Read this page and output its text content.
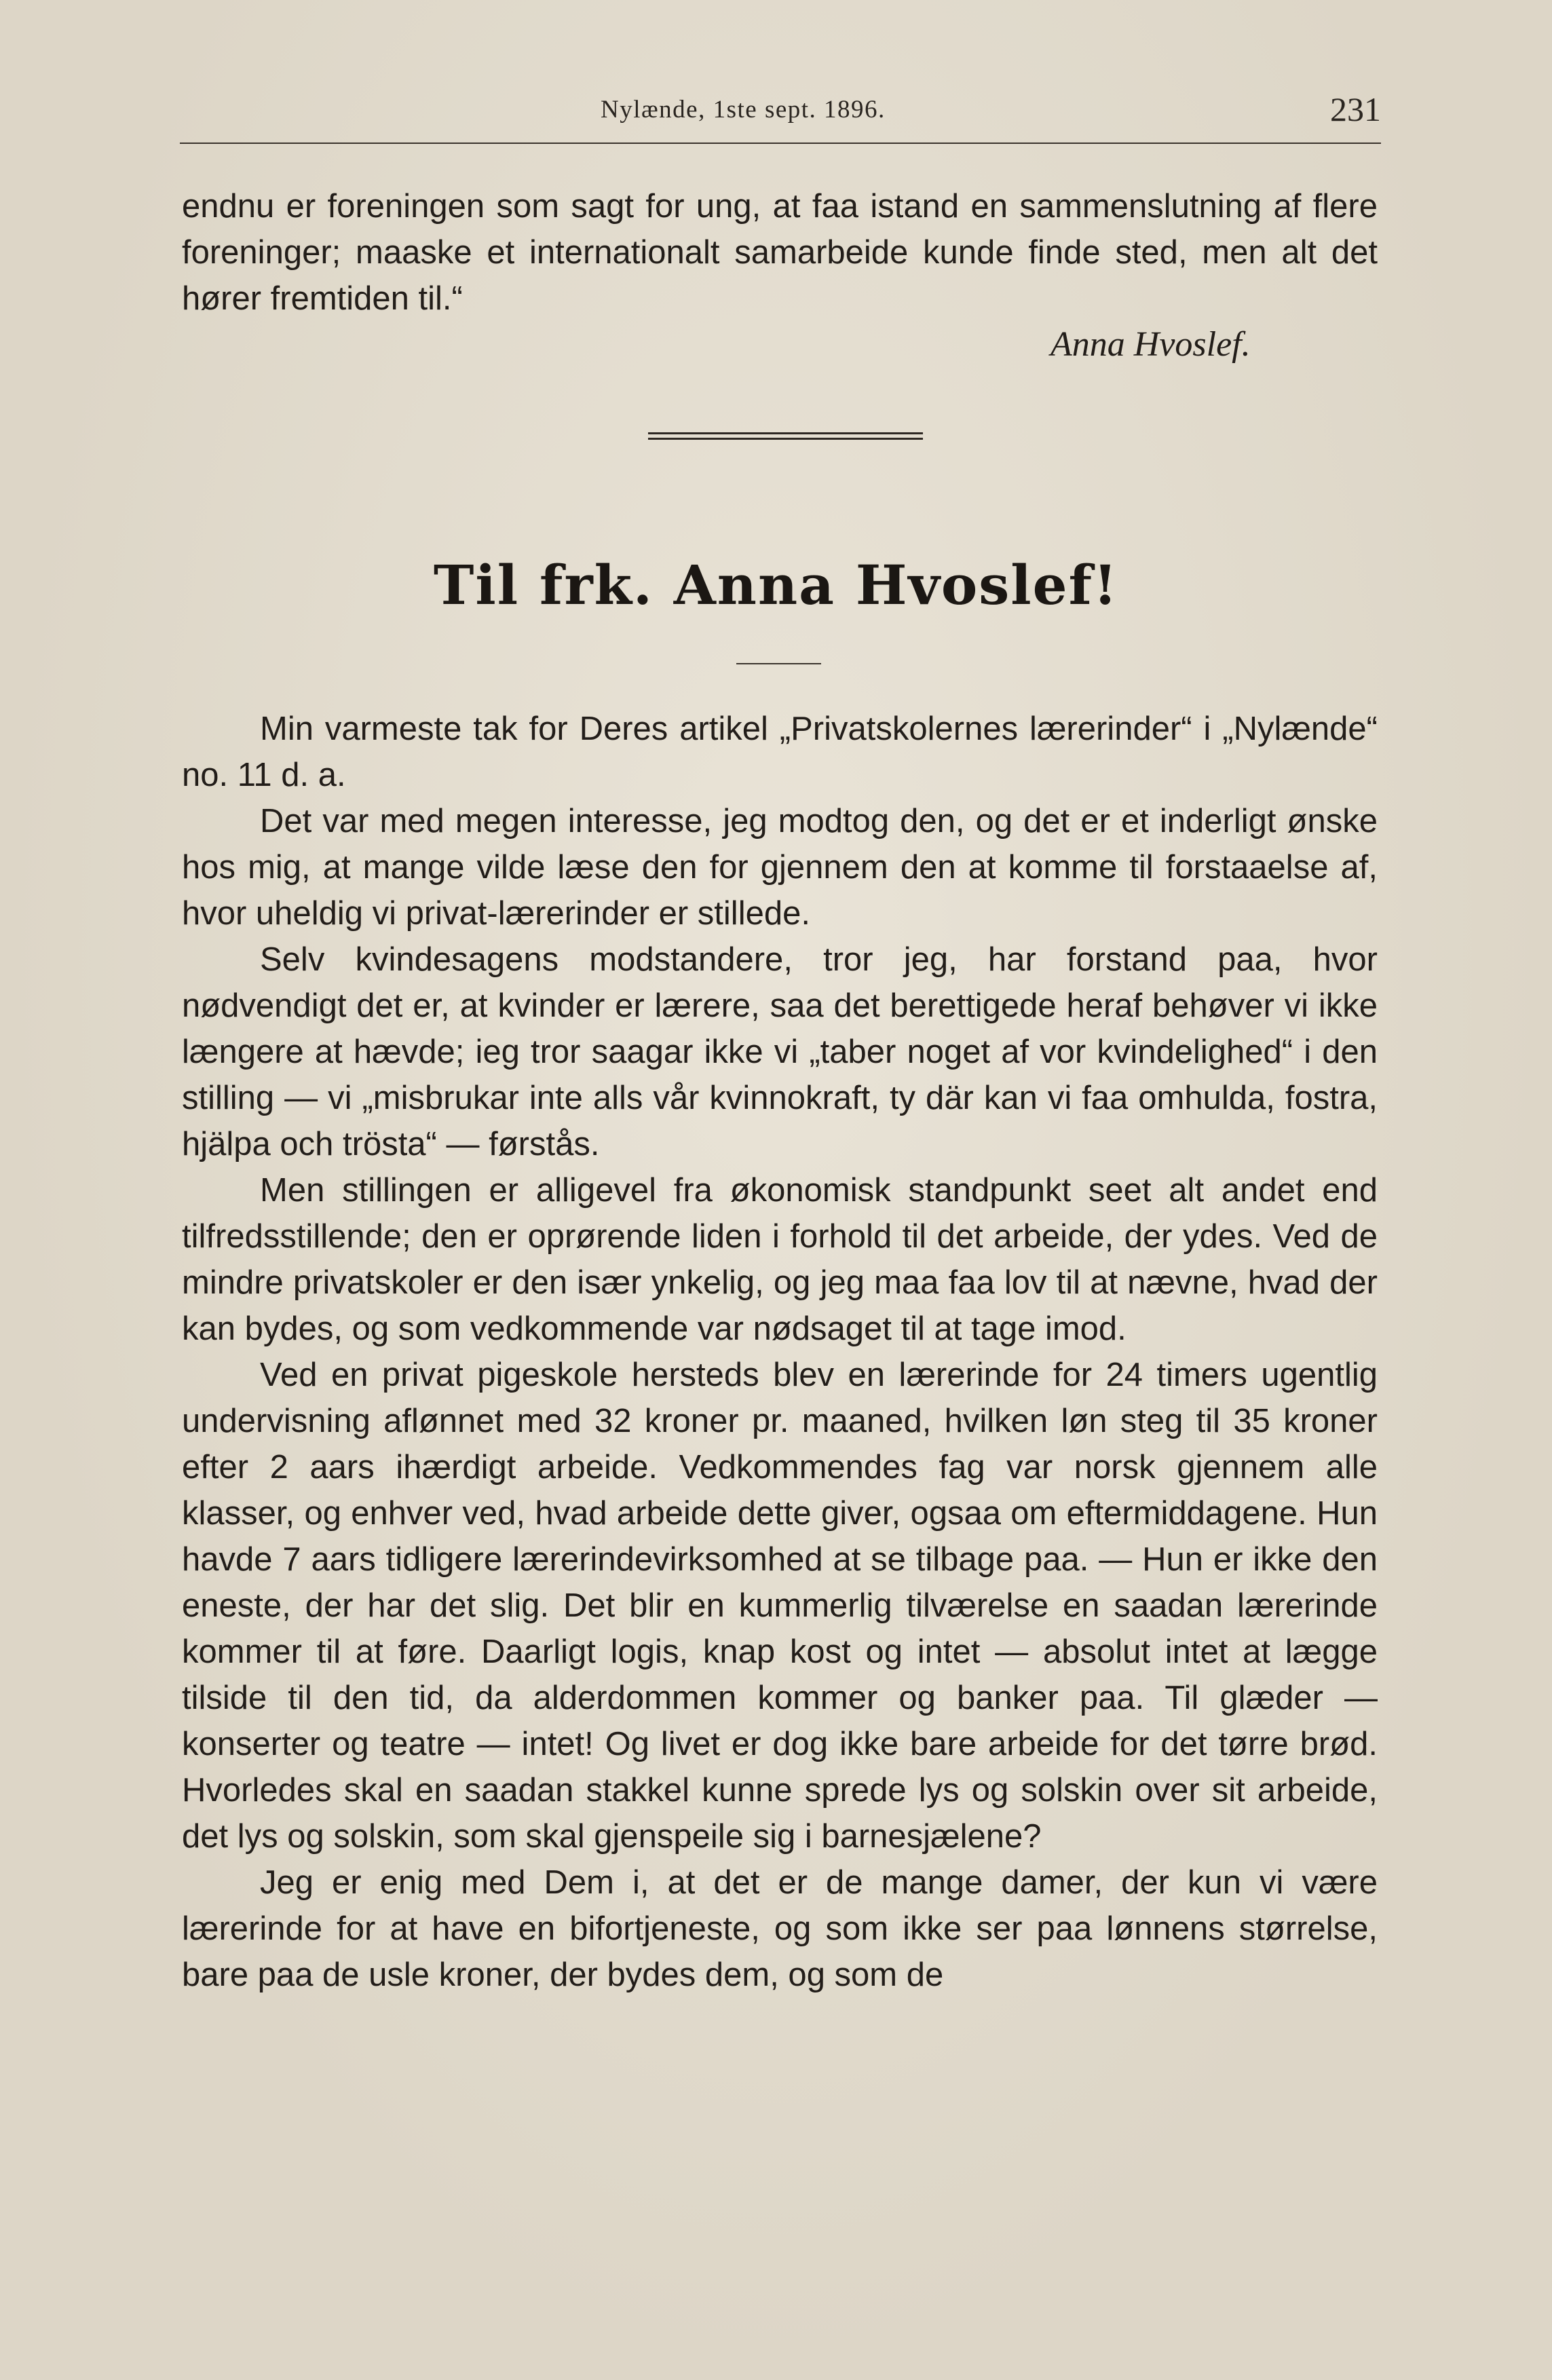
Nylænde, 1ste sept. 1896.	231

endnu er foreningen som sagt for ung, at faa istand en sammenslutning af flere foreninger; maaske et internationalt samarbeide kunde finde sted, men alt det hører fremtiden til.“

Anna Hvoslef.
Til frk. Anna Hvoslef!

Min varmeste tak for Deres artikel „Privatskolernes lærerinder“ i „Nylænde“ no. 11 d. a.

Det var med megen interesse, jeg modtog den, og det er et inderligt ønske hos mig, at mange vilde læse den for gjennem den at komme til forstaaelse af, hvor uheldig vi privat-lærerinder er stillede.

Selv kvindesagens modstandere, tror jeg, har forstand paa, hvor nødvendigt det er, at kvinder er lærere, saa det berettigede heraf behøver vi ikke længere at hævde; ieg tror saagar ikke vi „taber noget af vor kvindelighed“ i den stilling — vi „misbrukar inte alls vår kvinnokraft, ty där kan vi faa omhulda, fostra, hjälpa och trösta“ — førstås.

Men stillingen er alligevel fra økonomisk standpunkt seet alt andet end tilfredsstillende; den er oprørende liden i forhold til det arbeide, der ydes. Ved de mindre privatskoler er den især ynkelig, og jeg maa faa lov til at nævne, hvad der kan bydes, og som vedkommende var nødsaget til at tage imod.

Ved en privat pigeskole hersteds blev en lærerinde for 24 timers ugentlig undervisning aflønnet med 32 kroner pr. maaned, hvilken løn steg til 35 kroner efter 2 aars ihærdigt arbeide. Vedkommendes fag var norsk gjennem alle klasser, og enhver ved, hvad arbeide dette giver, ogsaa om eftermiddagene. Hun havde 7 aars tidligere lærerindevirksomhed at se tilbage paa. — Hun er ikke den eneste, der har det slig. Det blir en kummerlig tilværelse en saadan lærerinde kommer til at føre. Daarligt logis, knap kost og intet — absolut intet at lægge tilside til den tid, da alderdommen kommer og banker paa. Til glæder — konserter og teatre — intet! Og livet er dog ikke bare arbeide for det tørre brød. Hvorledes skal en saadan stakkel kunne sprede lys og solskin over sit arbeide, det lys og solskin, som skal gjenspeile sig i barnesjælene?

Jeg er enig med Dem i, at det er de mange damer, der kun vi være lærerinde for at have en bifortjeneste, og som ikke ser paa lønnens størrelse, bare paa de usle kroner, der bydes dem, og som de
